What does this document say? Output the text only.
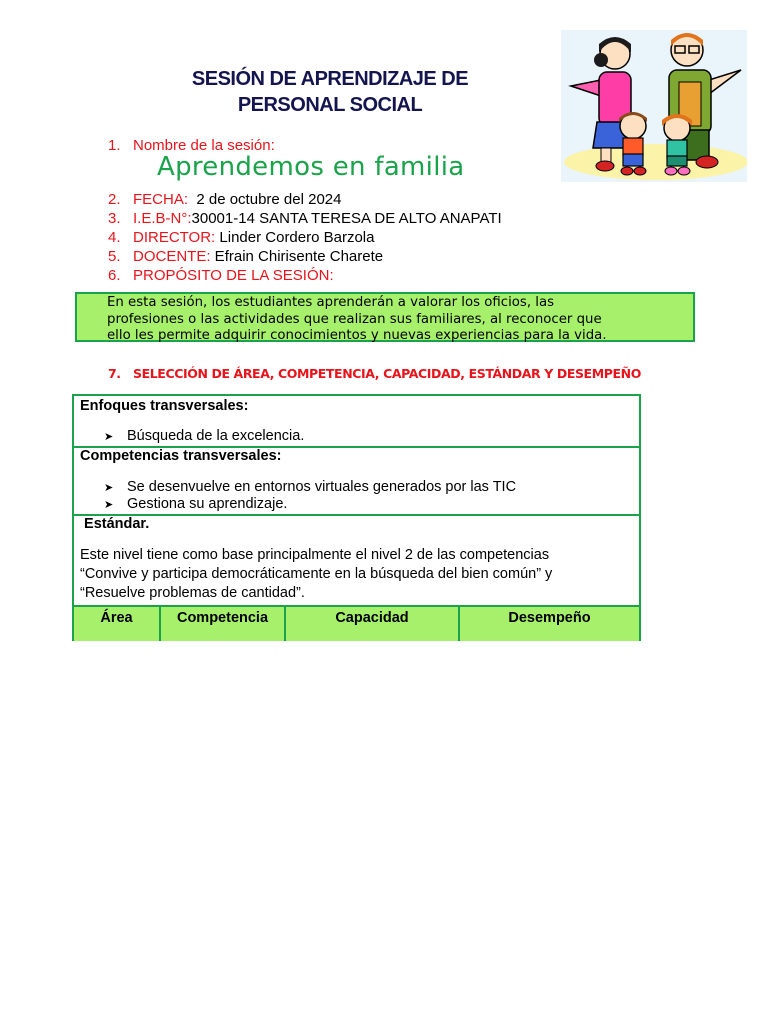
SESIÓN DE APRENDIZAJE DE
PERSONAL SOCIAL
1. Nombre de la sesión:
Aprendemos en familia
2. FECHA:  2 de octubre del 2024
3. I.E.B-N°:30001-14 SANTA TERESA DE ALTO ANAPATI
4. DIRECTOR: Linder Cordero Barzola
5. DOCENTE: Efrain Chirisente Charete
6. PROPÓSITO DE LA SESIÓN:
En esta sesión, los estudiantes aprenderán a valorar los oficios, las
profesiones o las actividades que realizan sus familiares, al reconocer que
ello les permite adquirir conocimientos y nuevas experiencias para la vida.
7. SELECCIÓN DE ÁREA, COMPETENCIA, CAPACIDAD, ESTÁNDAR Y DESEMPEÑO
Enfoques transversales:
➤ Búsqueda de la excelencia.
Competencias transversales:
➤ Se desenvuelve en entornos virtuales generados por las TIC
➤ Gestiona su aprendizaje.
Estándar.
Este nivel tiene como base principalmente el nivel 2 de las competencias
“Convive y participa democráticamente en la búsqueda del bien común” y
“Resuelve problemas de cantidad”.
Área	Competencia	Capacidad	Desempeño
